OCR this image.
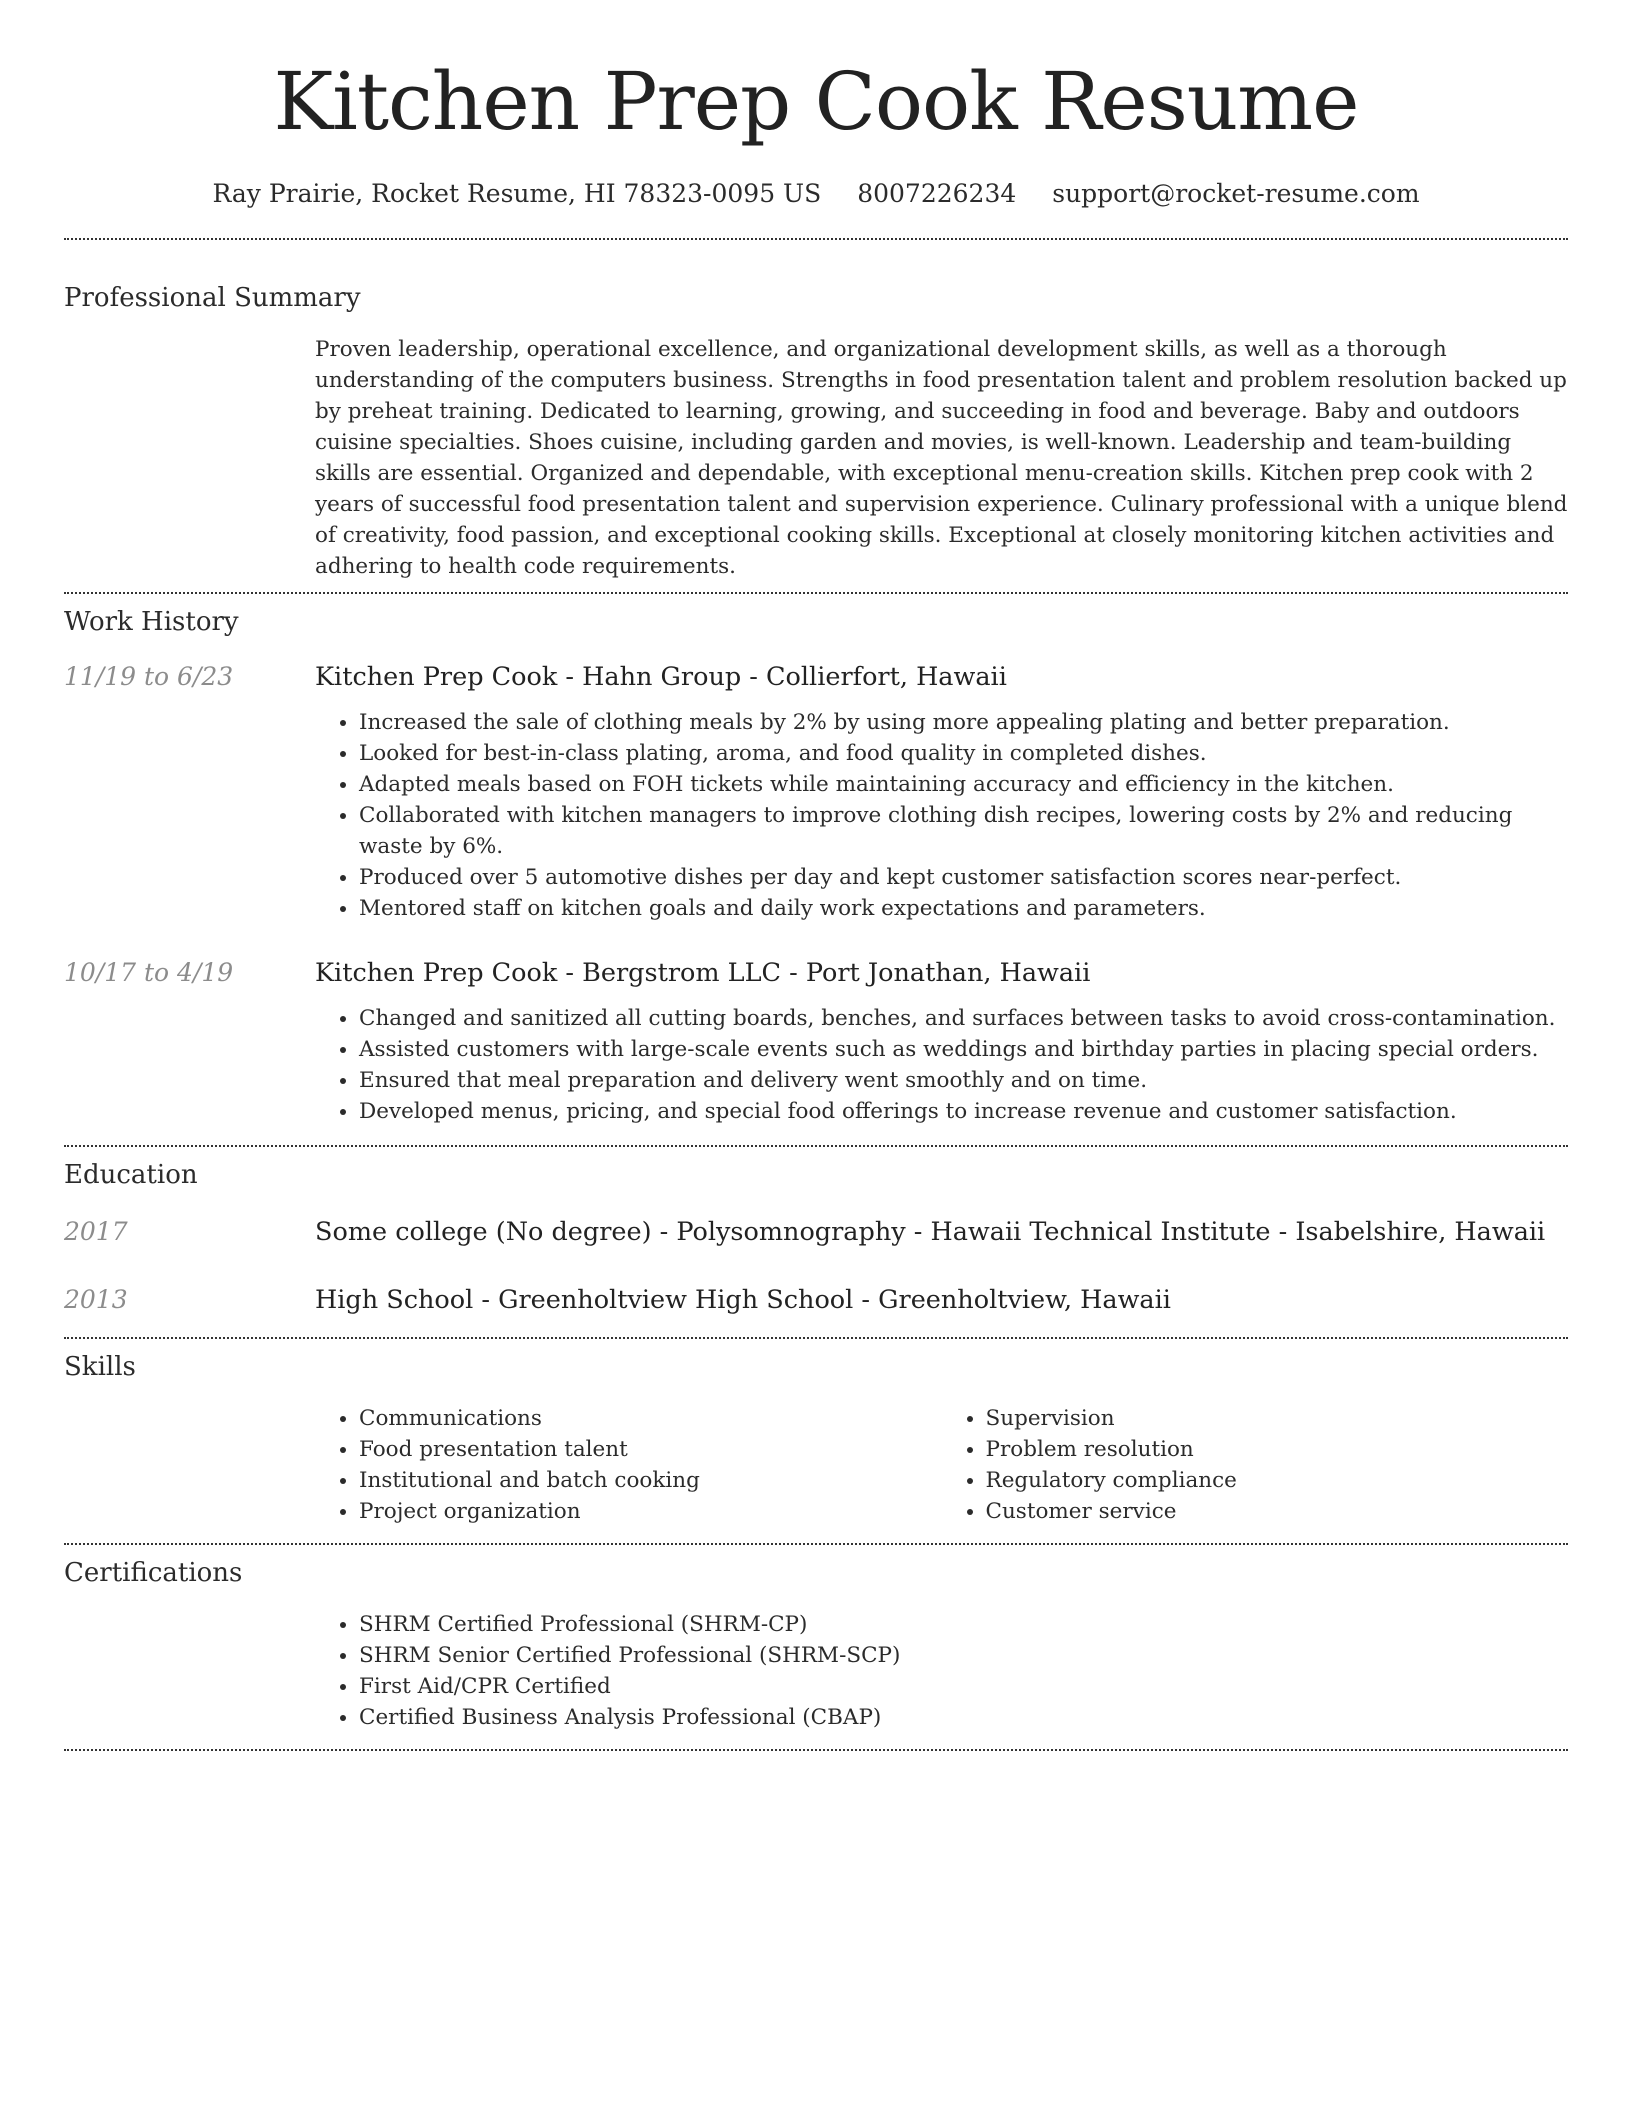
Kitchen Prep Cook Resume
Ray Prairie, Rocket Resume, HI 78323-0095 US 8007226234 support@rocket-resume.com
Professional Summary

Proven leadership, operational excellence, and organizational development skills, as well as a thorough understanding of the computers business. Strengths in food presentation talent and problem resolution backed up by preheat training. Dedicated to learning, growing, and succeeding in food and beverage. Baby and outdoors cuisine specialties. Shoes cuisine, including garden and movies, is well-known. Leadership and team-building skills are essential. Organized and dependable, with exceptional menu-creation skills. Kitchen prep cook with 2 years of successful food presentation talent and supervision experience. Culinary professional with a unique blend of creativity, food passion, and exceptional cooking skills. Exceptional at closely monitoring kitchen activities and adhering to health code requirements.

Work History
11/19 to 6/23	Kitchen Prep Cook - Hahn Group - Collierfort, Hawaii
• Increased the sale of clothing meals by 2% by using more appealing plating and better preparation.
• Looked for best-in-class plating, aroma, and food quality in completed dishes.
• Adapted meals based on FOH tickets while maintaining accuracy and efficiency in the kitchen.
• Collaborated with kitchen managers to improve clothing dish recipes, lowering costs by 2% and reducing waste by 6%.
• Produced over 5 automotive dishes per day and kept customer satisfaction scores near-perfect.
• Mentored staff on kitchen goals and daily work expectations and parameters.
10/17 to 4/19	Kitchen Prep Cook - Bergstrom LLC - Port Jonathan, Hawaii
• Changed and sanitized all cutting boards, benches, and surfaces between tasks to avoid cross-contamination.
• Assisted customers with large-scale events such as weddings and birthday parties in placing special orders.
• Ensured that meal preparation and delivery went smoothly and on time.
• Developed menus, pricing, and special food offerings to increase revenue and customer satisfaction.
Education
2017	Some college (No degree) - Polysomnography - Hawaii Technical Institute - Isabelshire, Hawaii
2013	High School - Greenholtview High School - Greenholtview, Hawaii
Skills
• Communications
• Food presentation talent
• Institutional and batch cooking
• Project organization
• Supervision
• Problem resolution
• Regulatory compliance
• Customer service
Certifications
• SHRM Certified Professional (SHRM-CP)
• SHRM Senior Certified Professional (SHRM-SCP)
• First Aid/CPR Certified
• Certified Business Analysis Professional (CBAP)
